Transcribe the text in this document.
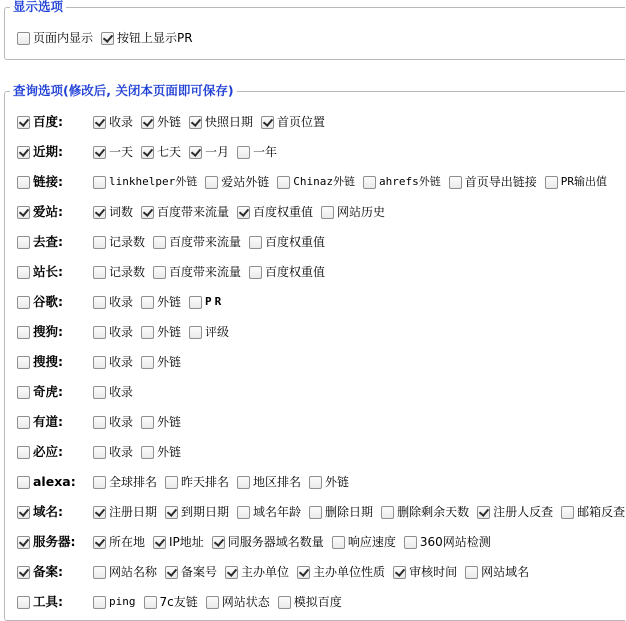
显示选项
页面内显示 按钮上显示PR
查询选项(修改后, 关闭本页面即可保存)
百度:	收录 外链 快照日期 首页位置
近期:	一天 七天 一月 一年
链接:	linkhelper外链 爱站外链 Chinaz外链 ahrefs外链 首页导出链接 PR输出值
爱站:	词数 百度带来流量 百度权重值 网站历史
去查:	记录数 百度带来流量 百度权重值
站长:	记录数 百度带来流量 百度权重值
谷歌:	收录 外链 PR
搜狗:	收录 外链 评级
搜搜:	收录 外链
奇虎:	收录
有道:	收录 外链
必应:	收录 外链
alexa:	全球排名 昨天排名 地区排名 外链
域名:	注册日期 到期日期 域名年龄 删除日期 删除剩余天数 注册人反查 邮箱反查
服务器:	所在地 IP地址 同服务器域名数量 响应速度 360网站检测
备案:	网站名称 备案号 主办单位 主办单位性质 审核时间 网站域名
工具:	ping 7c友链 网站状态 模拟百度
